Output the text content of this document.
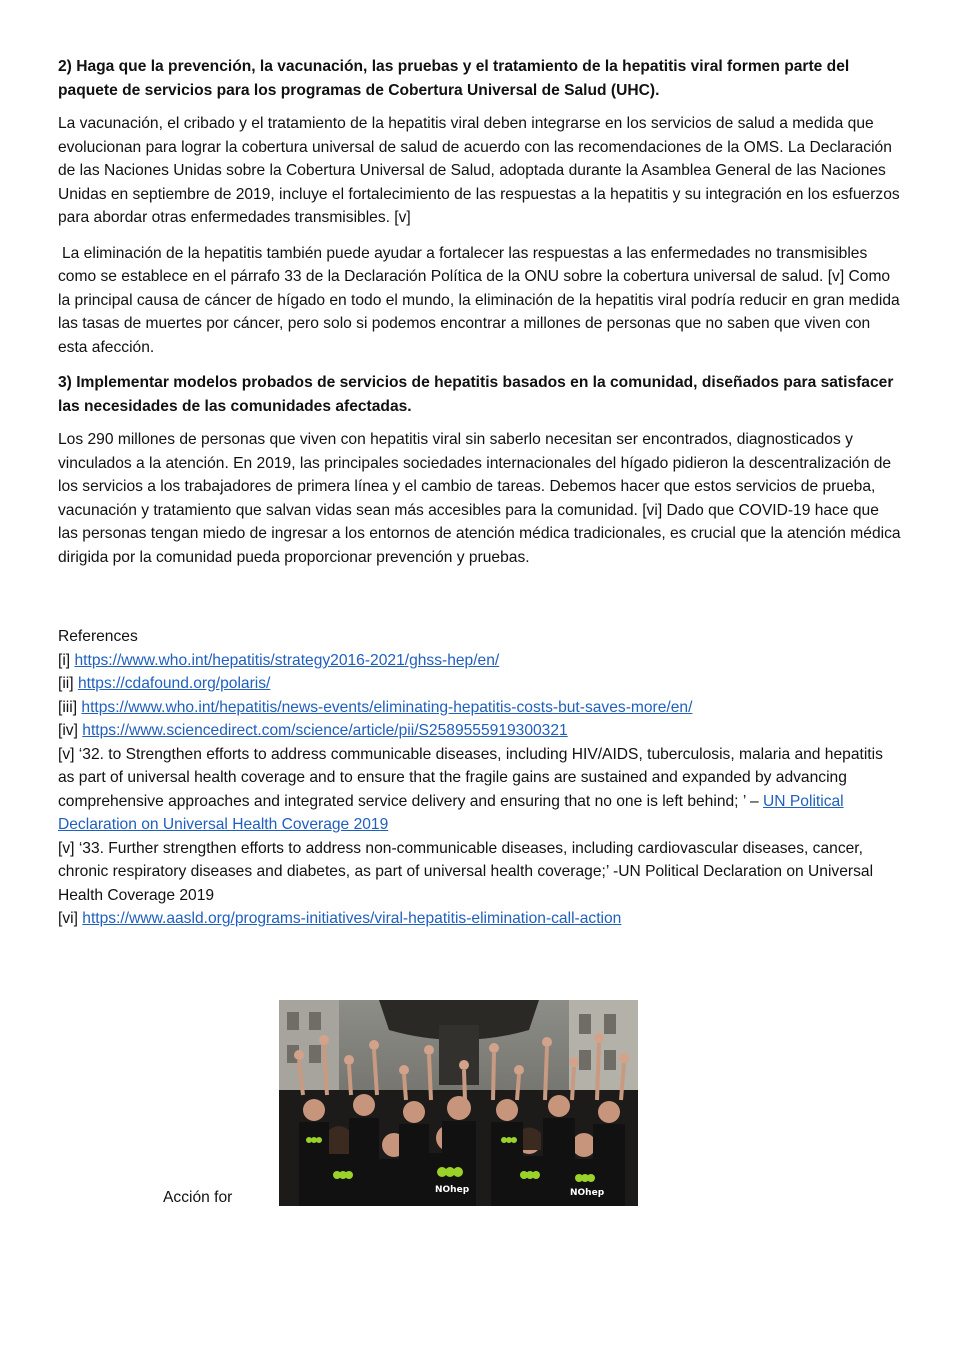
2) Haga que la prevención, la vacunación, las pruebas y el tratamiento de la hepatitis viral formen parte del paquete de servicios para los programas de Cobertura Universal de Salud (UHC).

La vacunación, el cribado y el tratamiento de la hepatitis viral deben integrarse en los servicios de salud a medida que evolucionan para lograr la cobertura universal de salud de acuerdo con las recomendaciones de la OMS. La Declaración de las Naciones Unidas sobre la Cobertura Universal de Salud, adoptada durante la Asamblea General de las Naciones Unidas en septiembre de 2019, incluye el fortalecimiento de las respuestas a la hepatitis y su integración en los esfuerzos para abordar otras enfermedades transmisibles. [v]

La eliminación de la hepatitis también puede ayudar a fortalecer las respuestas a las enfermedades no transmisibles como se establece en el párrafo 33 de la Declaración Política de la ONU sobre la cobertura universal de salud. [v] Como la principal causa de cáncer de hígado en todo el mundo, la eliminación de la hepatitis viral podría reducir en gran medida las tasas de muertes por cáncer, pero solo si podemos encontrar a millones de personas que no saben que viven con esta afección.

3) Implementar modelos probados de servicios de hepatitis basados en la comunidad, diseñados para satisfacer las necesidades de las comunidades afectadas.

Los 290 millones de personas que viven con hepatitis viral sin saberlo necesitan ser encontrados, diagnosticados y vinculados a la atención. En 2019, las principales sociedades internacionales del hígado pidieron la descentralización de los servicios a los trabajadores de primera línea y el cambio de tareas. Debemos hacer que estos servicios de prueba, vacunación y tratamiento que salvan vidas sean más accesibles para la comunidad. [vi] Dado que COVID-19 hace que las personas tengan miedo de ingresar a los entornos de atención médica tradicionales, es crucial que la atención médica dirigida por la comunidad pueda proporcionar prevención y pruebas.

References

[i] https://www.who.int/hepatitis/strategy2016-2021/ghss-hep/en/

[ii] https://cdafound.org/polaris/

[iii] https://www.who.int/hepatitis/news-events/eliminating-hepatitis-costs-but-saves-more/en/

[iv] https://www.sciencedirect.com/science/article/pii/S2589555919300321

[v] ‘32. to Strengthen efforts to address communicable diseases, including HIV/AIDS, tuberculosis, malaria and hepatitis as part of universal health coverage and to ensure that the fragile gains are sustained and expanded by advancing comprehensive approaches and integrated service delivery and ensuring that no one is left behind; ’ – UN Political Declaration on Universal Health Coverage 2019

[v] ‘33. Further strengthen efforts to address non-communicable diseases, including cardiovascular diseases, cancer, chronic respiratory diseases and diabetes, as part of universal health coverage;’ -UN Political Declaration on Universal Health Coverage 2019

[vi] https://www.aasld.org/programs-initiatives/viral-hepatitis-elimination-call-action

Acción for	NOhep	NOhep
